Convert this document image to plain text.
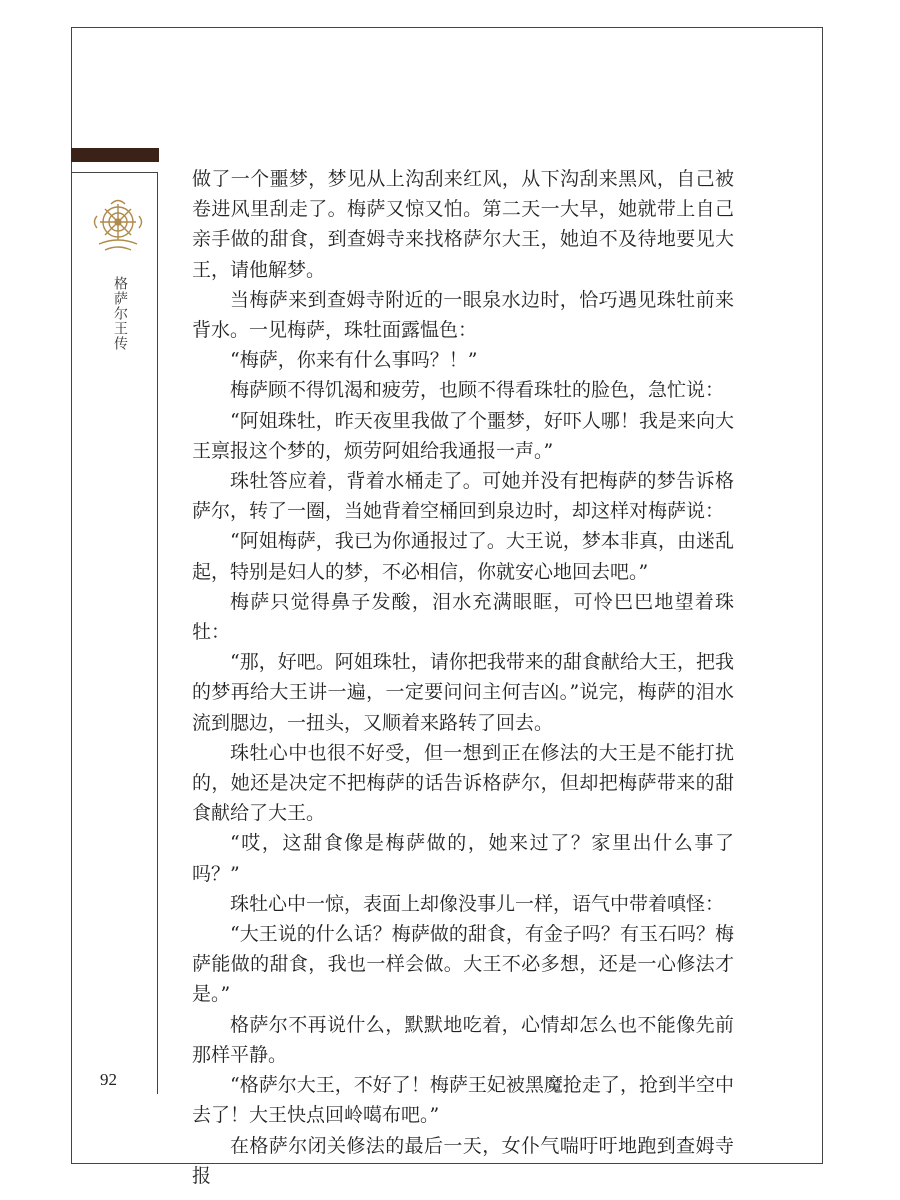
格萨尔王传
92

做了一个噩梦，梦见从上沟刮来红风，从下沟刮来黑风，自己被卷进风里刮走了。梅萨又惊又怕。第二天一大早，她就带上自己亲手做的甜食，到查姆寺来找格萨尔大王，她迫不及待地要见大王，请他解梦。

当梅萨来到查姆寺附近的一眼泉水边时，恰巧遇见珠牡前来背水。一见梅萨，珠牡面露愠色：

“梅萨，你来有什么事吗？！”

梅萨顾不得饥渴和疲劳，也顾不得看珠牡的脸色，急忙说：

“阿姐珠牡，昨天夜里我做了个噩梦，好吓人哪！我是来向大王禀报这个梦的，烦劳阿姐给我通报一声。”

珠牡答应着，背着水桶走了。可她并没有把梅萨的梦告诉格萨尔，转了一圈，当她背着空桶回到泉边时，却这样对梅萨说：

“阿姐梅萨，我已为你通报过了。大王说，梦本非真，由迷乱起，特别是妇人的梦，不必相信，你就安心地回去吧。”

梅萨只觉得鼻子发酸，泪水充满眼眶，可怜巴巴地望着珠牡：

“那，好吧。阿姐珠牡，请你把我带来的甜食献给大王，把我的梦再给大王讲一遍，一定要问问主何吉凶。”说完，梅萨的泪水流到腮边，一扭头，又顺着来路转了回去。

珠牡心中也很不好受，但一想到正在修法的大王是不能打扰的，她还是决定不把梅萨的话告诉格萨尔，但却把梅萨带来的甜食献给了大王。

“哎，这甜食像是梅萨做的，她来过了？家里出什么事了吗？”

珠牡心中一惊，表面上却像没事儿一样，语气中带着嗔怪：

“大王说的什么话？梅萨做的甜食，有金子吗？有玉石吗？梅萨能做的甜食，我也一样会做。大王不必多想，还是一心修法才是。”

格萨尔不再说什么，默默地吃着，心情却怎么也不能像先前那样平静。

“格萨尔大王，不好了！梅萨王妃被黑魔抢走了，抢到半空中去了！大王快点回岭噶布吧。”

在格萨尔闭关修法的最后一天，女仆气喘吁吁地跑到查姆寺报
